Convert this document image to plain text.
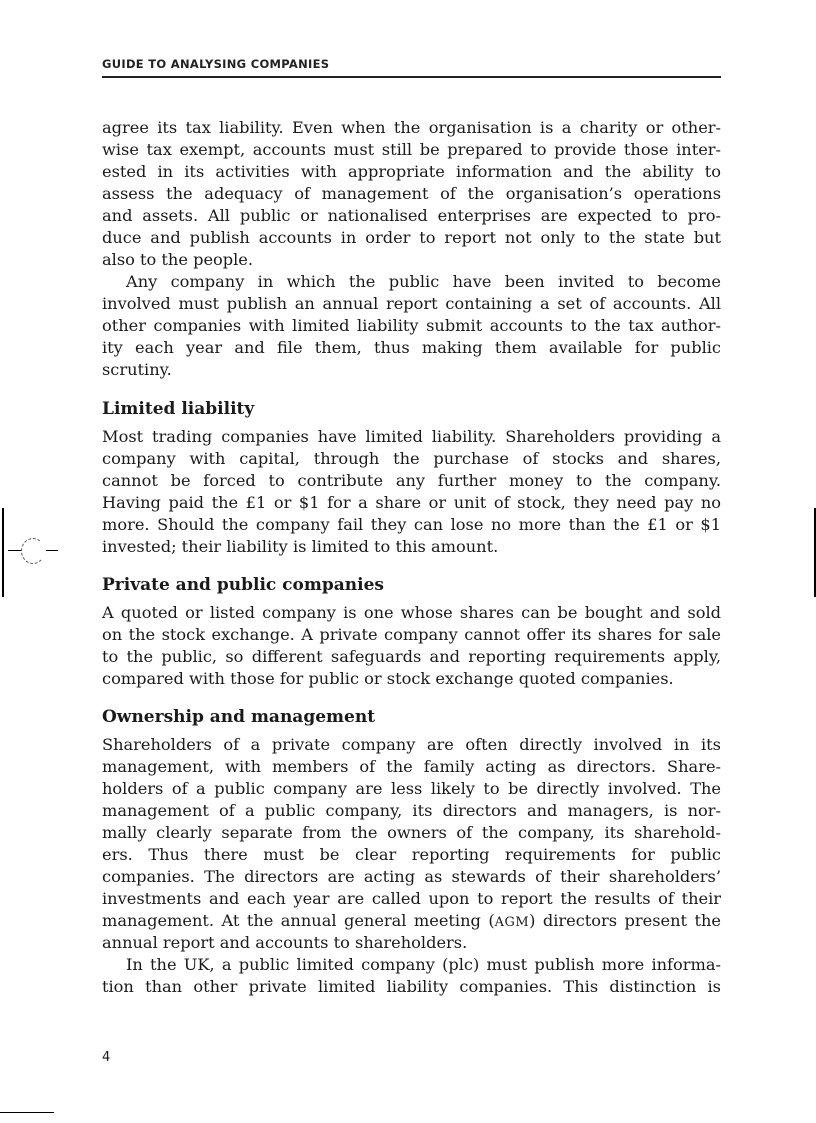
GUIDE TO ANALYSING COMPANIES
agree its tax liability. Even when the organisation is a charity or other-
wise tax exempt, accounts must still be prepared to provide those inter-
ested in its activities with appropriate information and the ability to
assess the adequacy of management of the organisation’s operations
and assets. All public or nationalised enterprises are expected to pro-
duce and publish accounts in order to report not only to the state but
also to the people.
Any company in which the public have been invited to become
involved must publish an annual report containing a set of accounts. All
other companies with limited liability submit accounts to the tax author-
ity each year and file them, thus making them available for public
scrutiny.
Limited liability
Most trading companies have limited liability. Shareholders providing a
company with capital, through the purchase of stocks and shares,
cannot be forced to contribute any further money to the company.
Having paid the £1 or $1 for a share or unit of stock, they need pay no
more. Should the company fail they can lose no more than the £1 or $1
invested; their liability is limited to this amount.
Private and public companies
A quoted or listed company is one whose shares can be bought and sold
on the stock exchange. A private company cannot offer its shares for sale
to the public, so different safeguards and reporting requirements apply,
compared with those for public or stock exchange quoted companies.
Ownership and management
Shareholders of a private company are often directly involved in its
management, with members of the family acting as directors. Share-
holders of a public company are less likely to be directly involved. The
management of a public company, its directors and managers, is nor-
mally clearly separate from the owners of the company, its sharehold-
ers. Thus there must be clear reporting requirements for public
companies. The directors are acting as stewards of their shareholders’
investments and each year are called upon to report the results of their
management. At the annual general meeting (AGM) directors present the
annual report and accounts to shareholders.
In the UK, a public limited company (plc) must publish more informa-
tion than other private limited liability companies. This distinction is
4
